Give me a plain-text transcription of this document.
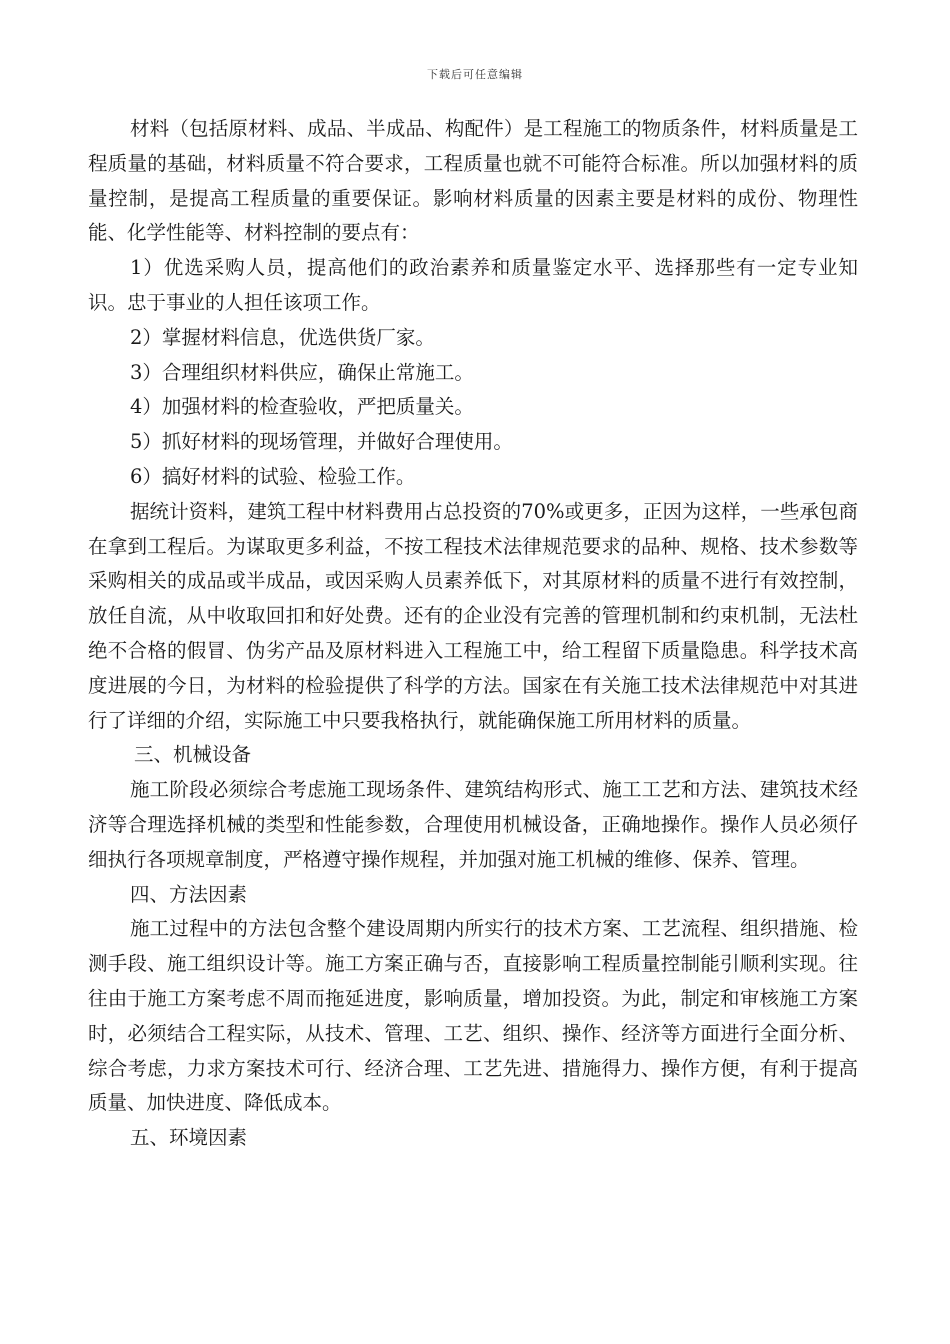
下载后可任意编辑

材料（包括原材料、成品、半成品、构配件）是工程施工的物质条件，材料质量是工程质量的基础，材料质量不符合要求，工程质量也就不可能符合标准。所以加强材料的质量控制，是提高工程质量的重要保证。影响材料质量的因素主要是材料的成份、物理性能、化学性能等、材料控制的要点有：

1）优选采购人员，提高他们的政治素养和质量鉴定水平、选择那些有一定专业知识。忠于事业的人担任该项工作。

2）掌握材料信息，优选供货厂家。

3）合理组织材料供应，确保止常施工。

4）加强材料的检查验收，严把质量关。

5）抓好材料的现场管理，并做好合理使用。

6）搞好材料的试验、检验工作。

据统计资料，建筑工程中材料费用占总投资的70%或更多，正因为这样，一些承包商在拿到工程后。为谋取更多利益，不按工程技术法律规范要求的品种、规格、技术参数等采购相关的成品或半成品，或因采购人员素养低下，对其原材料的质量不进行有效控制，放任自流，从中收取回扣和好处费。还有的企业没有完善的管理机制和约束机制，无法杜绝不合格的假冒、伪劣产品及原材料进入工程施工中，给工程留下质量隐患。科学技术高度进展的今日，为材料的检验提供了科学的方法。国家在有关施工技术法律规范中对其进行了详细的介绍，实际施工中只要我格执行，就能确保施工所用材料的质量。

三、机械设备

施工阶段必须综合考虑施工现场条件、建筑结构形式、施工工艺和方法、建筑技术经济等合理选择机械的类型和性能参数，合理使用机械设备，正确地操作。操作人员必须仔细执行各项规章制度，严格遵守操作规程，并加强对施工机械的维修、保养、管理。

四、方法因素

施工过程中的方法包含整个建设周期内所实行的技术方案、工艺流程、组织措施、检测手段、施工组织设计等。施工方案正确与否，直接影响工程质量控制能引顺利实现。往往由于施工方案考虑不周而拖延进度，影响质量，增加投资。为此，制定和审核施工方案时，必须结合工程实际，从技术、管理、工艺、组织、操作、经济等方面进行全面分析、综合考虑，力求方案技术可行、经济合理、工艺先进、措施得力、操作方便，有利于提高质量、加快进度、降低成本。

五、环境因素
